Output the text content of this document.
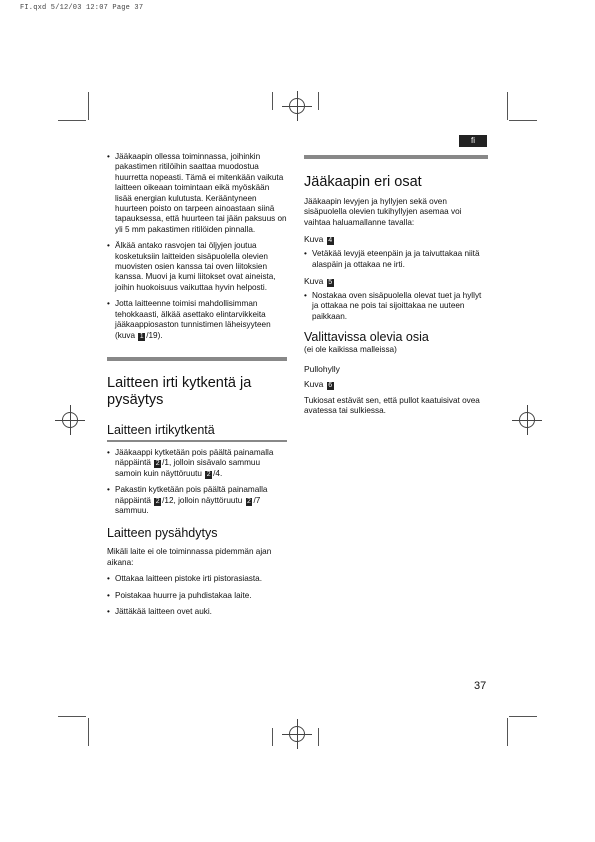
FI.qxd 5/12/03 12:07 Page 37
fi
• Jääkaapin ollessa toiminnassa, joihinkin pakastimen ritilöihin saattaa muodostua huurretta nopeasti. Tämä ei mitenkään vaikuta laitteen oikeaan toimintaan eikä myöskään lisää energian kulutusta. Kerääntyneen huurteen poisto on tarpeen ainoastaan siinä tapauksessa, että huurteen tai jään paksuus on yli 5 mm pakastimen ritilöiden pinnalla.
• Älkää antako rasvojen tai öljyjen joutua kosketuksiin laitteiden sisäpuolella olevien muovisten osien kanssa tai oven liitoksien kanssa. Muovi ja kumi liitokset ovat aineista, joihin huokoisuus vaikuttaa hyvin helposti.
• Jotta laitteenne toimisi mahdollisimman tehokkaasti, älkää asettako elintarvikkeita jääkaappiosaston tunnistimen läheisyyteen (kuva 1 /19).
Laitteen irti kytkentä ja pysäytys
Laitteen irtikytkentä
• Jääkaappi kytketään pois päältä painamalla näppäintä 2 /1, jolloin sisävalo sammuu samoin kuin näyttöruutu 2 /4.
• Pakastin kytketään pois päältä painamalla näppäintä 2 /12, jolloin näyttöruutu 2 /7 sammuu.
Laitteen pysähdytys

Mikäli laite ei ole toiminnassa pidemmän ajan aikana:

• Ottakaa laitteen pistoke irti pistorasiasta.
• Poistakaa huurre ja puhdistakaa laite.
• Jättäkää laitteen ovet auki.
Jääkaapin eri osat

Jääkaapin levyjen ja hyllyjen sekä oven sisäpuolella olevien tukihyllyjen asemaa voi vaihtaa haluamallanne tavalla:

Kuva 4
• Vetäkää levyjä eteenpäin ja ja taivuttakaa niitä alaspäin ja ottakaa ne irti.
Kuva 5
• Nostakaa oven sisäpuolella olevat tuet ja hyllyt ja ottakaa ne pois tai sijoittakaa ne uuteen paikkaan.
Valittavissa olevia osia

(ei ole kaikissa malleissa)

Pullohylly

Kuva 6

Tukiosat estävät sen, että pullot kaatuisivat ovea avatessa tai sulkiessa.

37
